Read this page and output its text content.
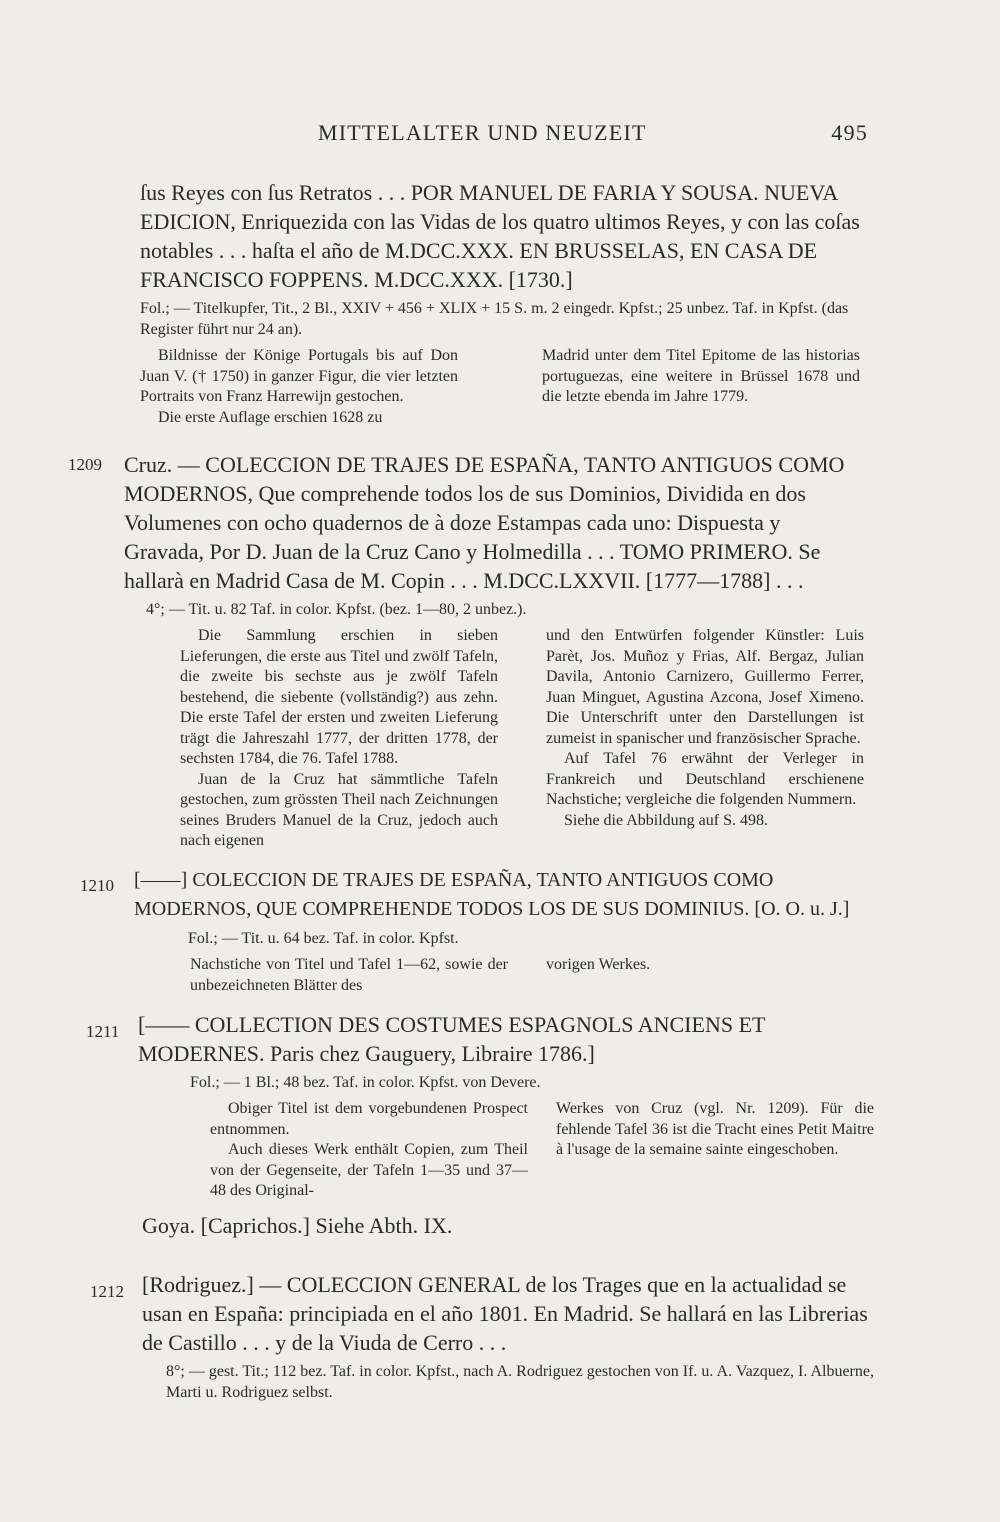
MITTELALTER UND NEUZEIT	495

ſus Reyes con ſus Retratos . . . POR MANUEL DE FARIA Y SOUSA. NUEVA EDICION, Enriquezida con las Vidas de los quatro ultimos Reyes, y con las coſas notables . . . haſta el año de M.DCC.XXX. EN BRUSSELAS, EN CASA DE FRANCISCO FOPPENS. M.DCC.XXX. [1730.]

Fol.; — Titelkupfer, Tit., 2 Bl., XXIV + 456 + XLIX + 15 S. m. 2 eingedr. Kpfst.; 25 unbez. Taf. in Kpfst. (das Register führt nur 24 an).

Bildnisse der Könige Portugals bis auf Don Juan V. († 1750) in ganzer Figur, die vier letzten Portraits von Franz Harrewijn gestochen.

Die erste Auflage erschien 1628 zu

Madrid unter dem Titel Epitome de las historias portuguezas, eine weitere in Brüssel 1678 und die letzte ebenda im Jahre 1779.

1209 Cruz. — COLECCION DE TRAJES DE ESPAÑA, TANTO ANTIGUOS COMO MODERNOS, Que comprehende todos los de sus Dominios, Dividida en dos Volumenes con ocho quadernos de à doze Estampas cada uno: Dispuesta y Gravada, Por D. Juan de la Cruz Cano y Holmedilla . . . TOMO PRIMERO. Se hallarà en Madrid Casa de M. Copin . . . M.DCC.LXXVII. [1777—1788] . . .

4°; — Tit. u. 82 Taf. in color. Kpfst. (bez. 1—80, 2 unbez.).

Die Sammlung erschien in sieben Lieferungen, die erste aus Titel und zwölf Tafeln, die zweite bis sechste aus je zwölf Tafeln bestehend, die siebente (vollständig?) aus zehn. Die erste Tafel der ersten und zweiten Lieferung trägt die Jahreszahl 1777, der dritten 1778, der sechsten 1784, die 76. Tafel 1788.

Juan de la Cruz hat sämmtliche Tafeln gestochen, zum grössten Theil nach Zeichnungen seines Bruders Manuel de la Cruz, jedoch auch nach eigenen

und den Entwürfen folgender Künstler: Luis Parèt, Jos. Muñoz y Frias, Alf. Bergaz, Julian Davila, Antonio Carnizero, Guillermo Ferrer, Juan Minguet, Agustina Azcona, Josef Ximeno. Die Unterschrift unter den Darstellungen ist zumeist in spanischer und französischer Sprache.

Auf Tafel 76 erwähnt der Verleger in Frankreich und Deutschland erschienene Nachstiche; vergleiche die folgenden Nummern.

Siehe die Abbildung auf S. 498.

1210 [——] COLECCION DE TRAJES DE ESPAÑA, TANTO ANTIGUOS COMO MODERNOS, QUE COMPREHENDE TODOS LOS DE SUS DOMINIUS. [O. O. u. J.]

Fol.; — Tit. u. 64 bez. Taf. in color. Kpfst.

Nachstiche von Titel und Tafel 1—62, sowie der unbezeichneten Blätter des

vorigen Werkes.

1211 [—— COLLECTION DES COSTUMES ESPAGNOLS ANCIENS ET MODERNES. Paris chez Gauguery, Libraire 1786.]

Fol.; — 1 Bl.; 48 bez. Taf. in color. Kpfst. von Devere.

Obiger Titel ist dem vorgebundenen Prospect entnommen.

Auch dieses Werk enthält Copien, zum Theil von der Gegenseite, der Tafeln 1—35 und 37—48 des Original-

Werkes von Cruz (vgl. Nr. 1209). Für die fehlende Tafel 36 ist die Tracht eines Petit Maitre à l'usage de la semaine sainte eingeschoben.

Goya. [Caprichos.] Siehe Abth. IX.
1212 [Rodriguez.] — COLECCION GENERAL de los Trages que en la actualidad se usan en España: principiada en el año 1801. En Madrid. Se hallará en las Librerias de Castillo . . . y de la Viuda de Cerro . . .

8°; — gest. Tit.; 112 bez. Taf. in color. Kpfst., nach A. Rodriguez gestochen von If. u. A. Vazquez, I. Albuerne, Marti u. Rodriguez selbst.
